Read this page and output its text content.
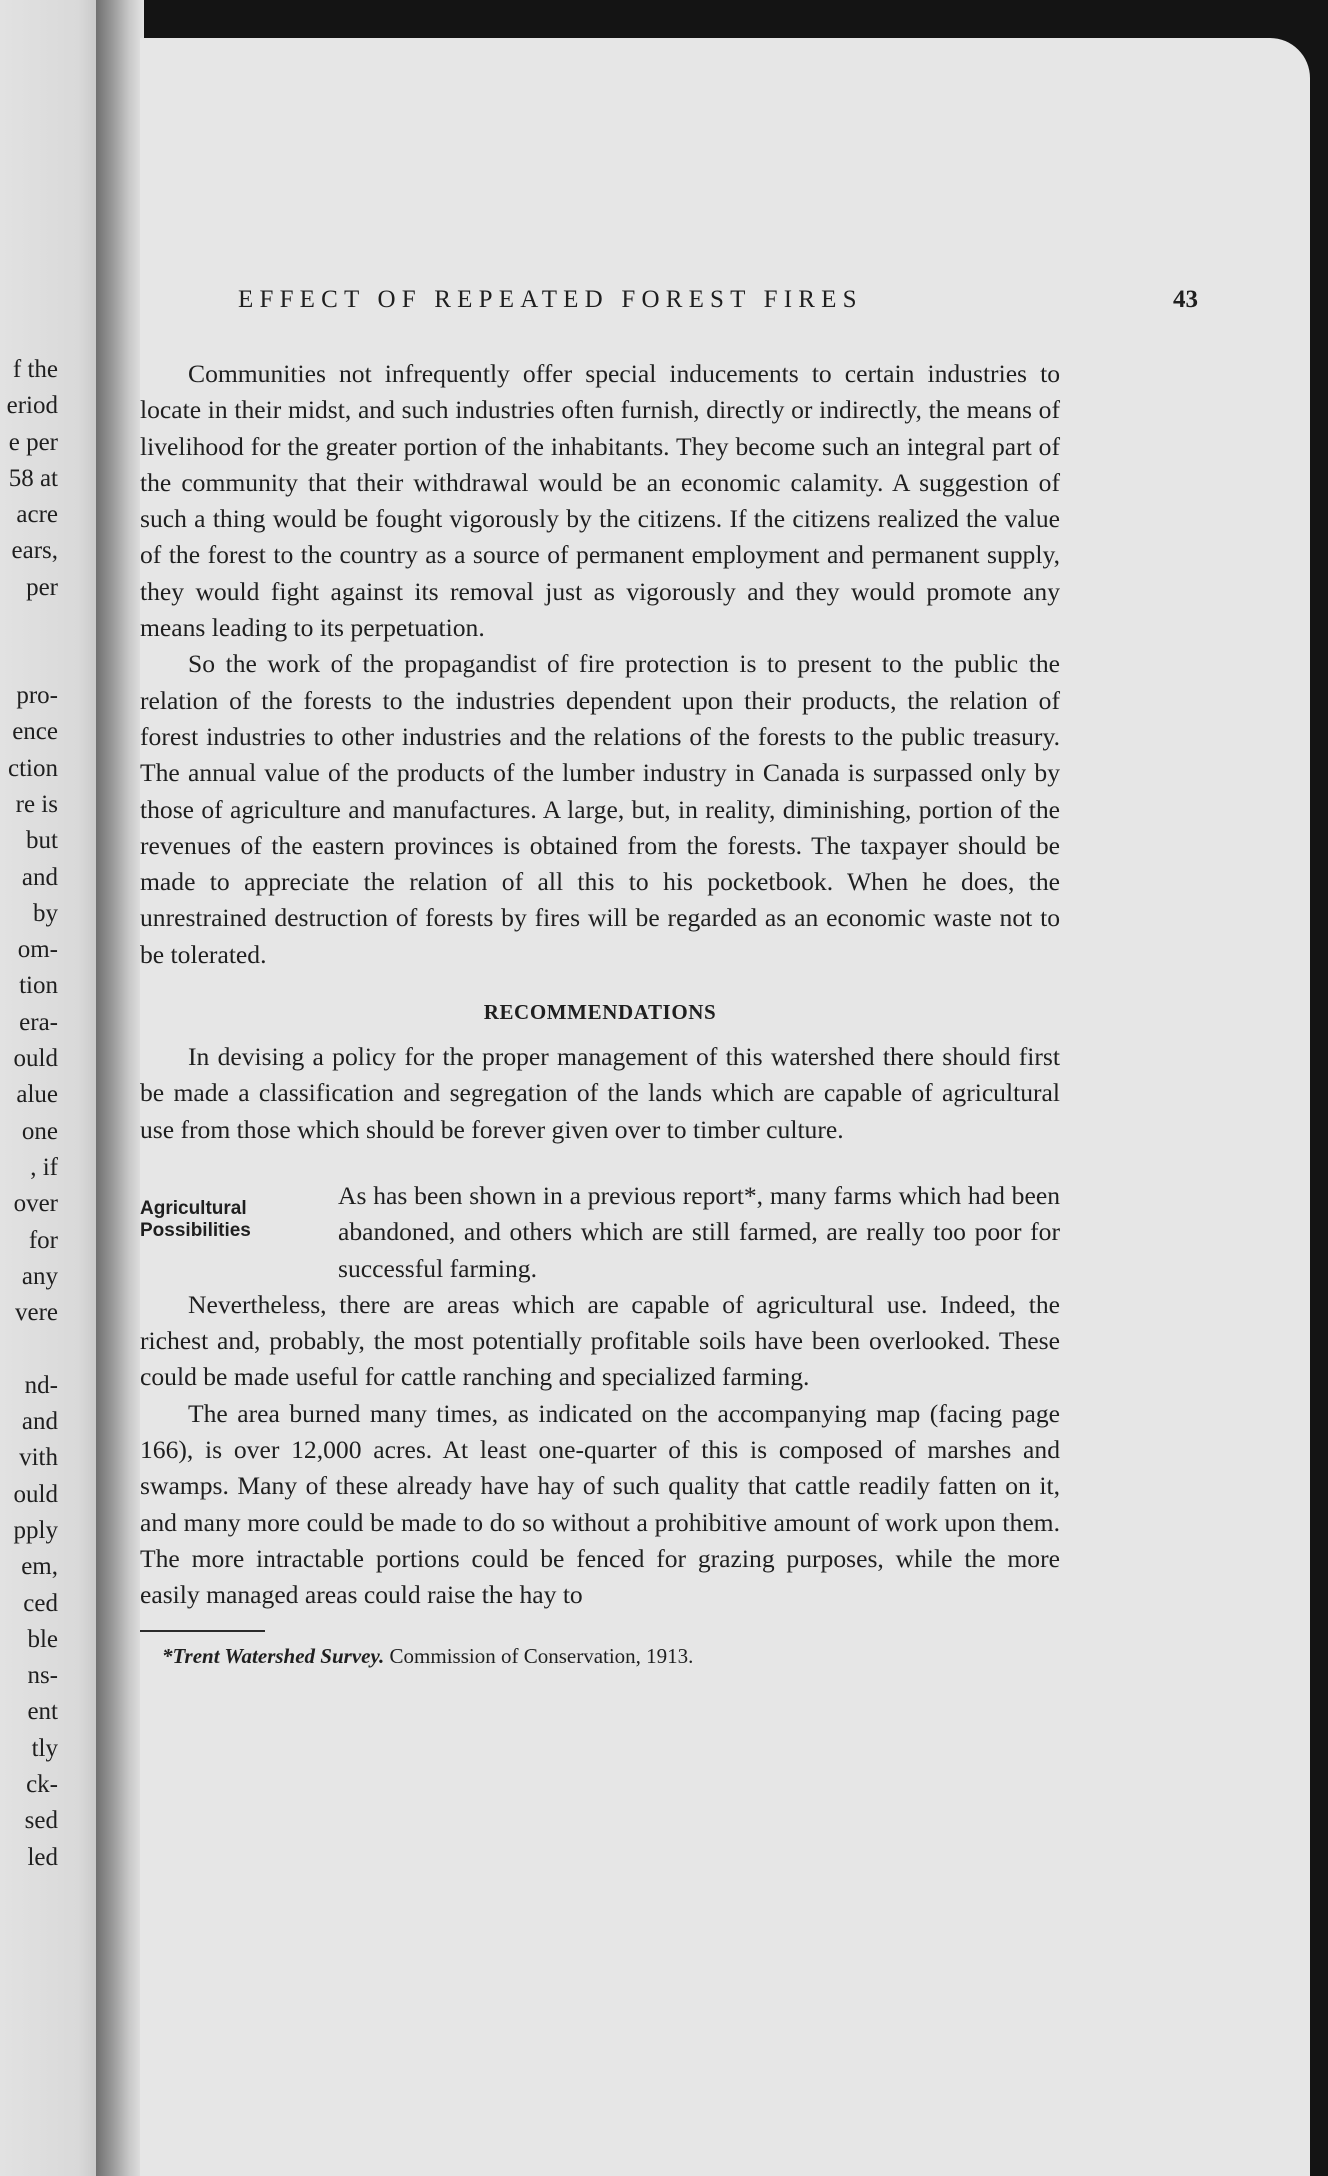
f the
eriod
e per
58 at
acre
ears,
per
pro-
ence
ction
re is
but
and
by
om-
tion
era-
ould
alue
one
, if
over
for
any
vere
nd-
and
vith
ould
pply
em,
ced
ble
ns-
ent
tly
ck-
sed
led
EFFECT OF REPEATED FOREST FIRES	43

Communities not infrequently offer special inducements to certain industries to locate in their midst, and such industries often furnish, directly or indirectly, the means of livelihood for the greater portion of the inhabitants. They become such an integral part of the community that their withdrawal would be an economic calamity. A suggestion of such a thing would be fought vigorously by the citizens. If the citizens realized the value of the forest to the country as a source of permanent employment and permanent supply, they would fight against its removal just as vigorously and they would promote any means leading to its perpetuation.

So the work of the propagandist of fire protection is to present to the public the relation of the forests to the industries dependent upon their products, the relation of forest industries to other industries and the relations of the forests to the public treasury. The annual value of the products of the lumber industry in Canada is surpassed only by those of agriculture and manufactures. A large, but, in reality, diminishing, portion of the revenues of the eastern provinces is obtained from the forests. The taxpayer should be made to appreciate the relation of all this to his pocketbook. When he does, the unrestrained destruction of forests by fires will be regarded as an economic waste not to be tolerated.

RECOMMENDATIONS

In devising a policy for the proper management of this watershed there should first be made a classification and segregation of the lands which are capable of agricultural use from those which should be forever given over to timber culture.

Agricultural
Possibilities

As has been shown in a previous report*, many farms which had been abandoned, and others which are still farmed, are really too poor for successful farming.

Nevertheless, there are areas which are capable of agricultural use. Indeed, the richest and, probably, the most potentially profitable soils have been overlooked. These could be made useful for cattle ranching and specialized farming.

The area burned many times, as indicated on the accompanying map (facing page 166), is over 12,000 acres. At least one-quarter of this is composed of marshes and swamps. Many of these already have hay of such quality that cattle readily fatten on it, and many more could be made to do so without a prohibitive amount of work upon them. The more intractable portions could be fenced for grazing purposes, while the more easily managed areas could raise the hay to

*Trent Watershed Survey. Commission of Conservation, 1913.
